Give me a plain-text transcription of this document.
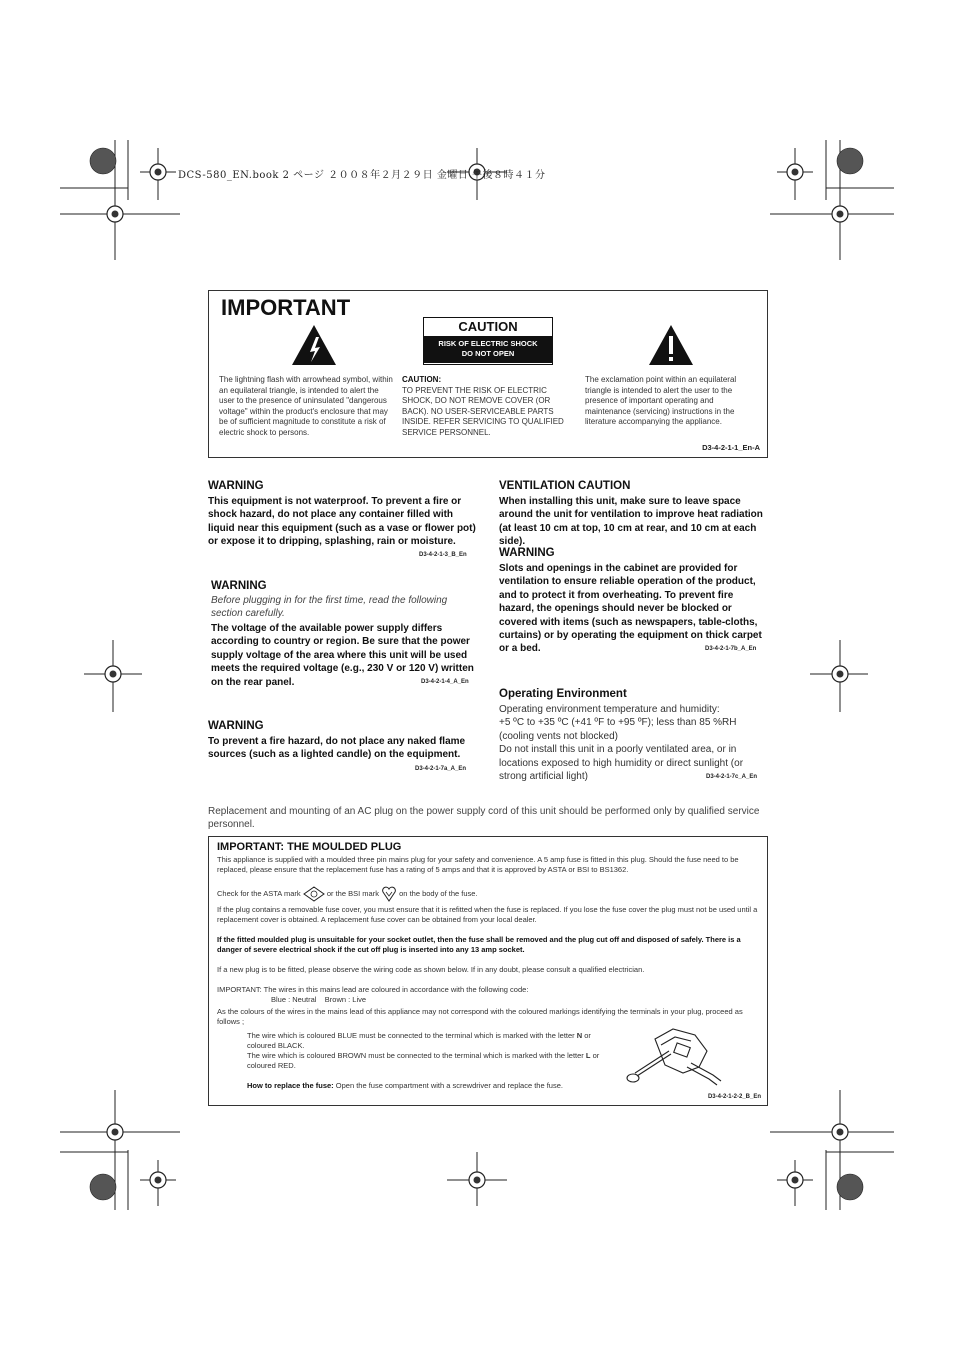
DCS-580_EN.book 2 ページ ２００８年２月２９日 金曜日 午後８時４１分
IMPORTANT
CAUTION
RISK OF ELECTRIC SHOCK
DO NOT OPEN
The lightning flash with arrowhead symbol, within an equilateral triangle, is intended to alert the user to the presence of uninsulated "dangerous voltage" within the product's enclosure that may be of sufficient magnitude to constitute a risk of electric shock to persons.
CAUTION:
TO PREVENT THE RISK OF ELECTRIC SHOCK, DO NOT REMOVE COVER (OR BACK). NO USER-SERVICEABLE PARTS INSIDE. REFER SERVICING TO QUALIFIED SERVICE PERSONNEL.
The exclamation point within an equilateral triangle is intended to alert the user to the presence of important operating and maintenance (servicing) instructions in the literature accompanying the appliance.
D3-4-2-1-1_En-A
WARNING
This equipment is not waterproof. To prevent a fire or shock hazard, do not place any container filled with liquid near this equipment (such as a vase or flower pot) or expose it to dripping, splashing, rain or moisture.
D3-4-2-1-3_B_En
WARNING
Before plugging in for the first time, read the following section carefully.
The voltage of the available power supply differs according to country or region. Be sure that the power supply voltage of the area where this unit will be used meets the required voltage (e.g., 230 V or 120 V) written on the rear panel.	D3-4-2-1-4_A_En
WARNING
To prevent a fire hazard, do not place any naked flame sources (such as a lighted candle) on the equipment.
D3-4-2-1-7a_A_En
VENTILATION CAUTION
When installing this unit, make sure to leave space around the unit for ventilation to improve heat radiation (at least 10 cm at top, 10 cm at rear, and 10 cm at each side).
WARNING
Slots and openings in the cabinet are provided for ventilation to ensure reliable operation of the product, and to protect it from overheating. To prevent fire hazard, the openings should never be blocked or covered with items (such as newspapers, table-cloths, curtains) or by operating the equipment on thick carpet or a bed.	D3-4-2-1-7b_A_En
Operating Environment
Operating environment temperature and humidity:
+5 ºC to +35 ºC (+41 ºF to +95 ºF); less than 85 %RH (cooling vents not blocked)
Do not install this unit in a poorly ventilated area, or in locations exposed to high humidity or direct sunlight (or strong artificial light)	D3-4-2-1-7c_A_En
Replacement and mounting of an AC plug on the power supply cord of this unit should be performed only by qualified service personnel.
IMPORTANT: THE MOULDED PLUG
This appliance is supplied with a moulded three pin mains plug for your safety and convenience. A 5 amp fuse is fitted in this plug. Should the fuse need to be replaced, please ensure that the replacement fuse has a rating of 5 amps and that it is approved by ASTA or BSI to BS1362.
Check for the ASTA mark	or the BSI mark	on the body of the fuse.
If the plug contains a removable fuse cover, you must ensure that it is refitted when the fuse is replaced. If you lose the fuse cover the plug must not be used until a replacement cover is obtained. A replacement fuse cover can be obtained from your local dealer.
If the fitted moulded plug is unsuitable for your socket outlet, then the fuse shall be removed and the plug cut off and disposed of safely. There is a danger of severe electrical shock if the cut off plug is inserted into any 13 amp socket.
If a new plug is to be fitted, please observe the wiring code as shown below. If in any doubt, please consult a qualified electrician.
IMPORTANT: The wires in this mains lead are coloured in accordance with the following code:
Blue : Neutral    Brown : Live
As the colours of the wires in the mains lead of this appliance may not correspond with the coloured markings identifying the terminals in your plug, proceed as follows ;
The wire which is coloured BLUE must be connected to the terminal which is marked with the letter N or coloured BLACK.
The wire which is coloured BROWN must be connected to the terminal which is marked with the letter L or coloured RED.
How to replace the fuse: Open the fuse compartment with a screwdriver and replace the fuse.
D3-4-2-1-2-2_B_En
